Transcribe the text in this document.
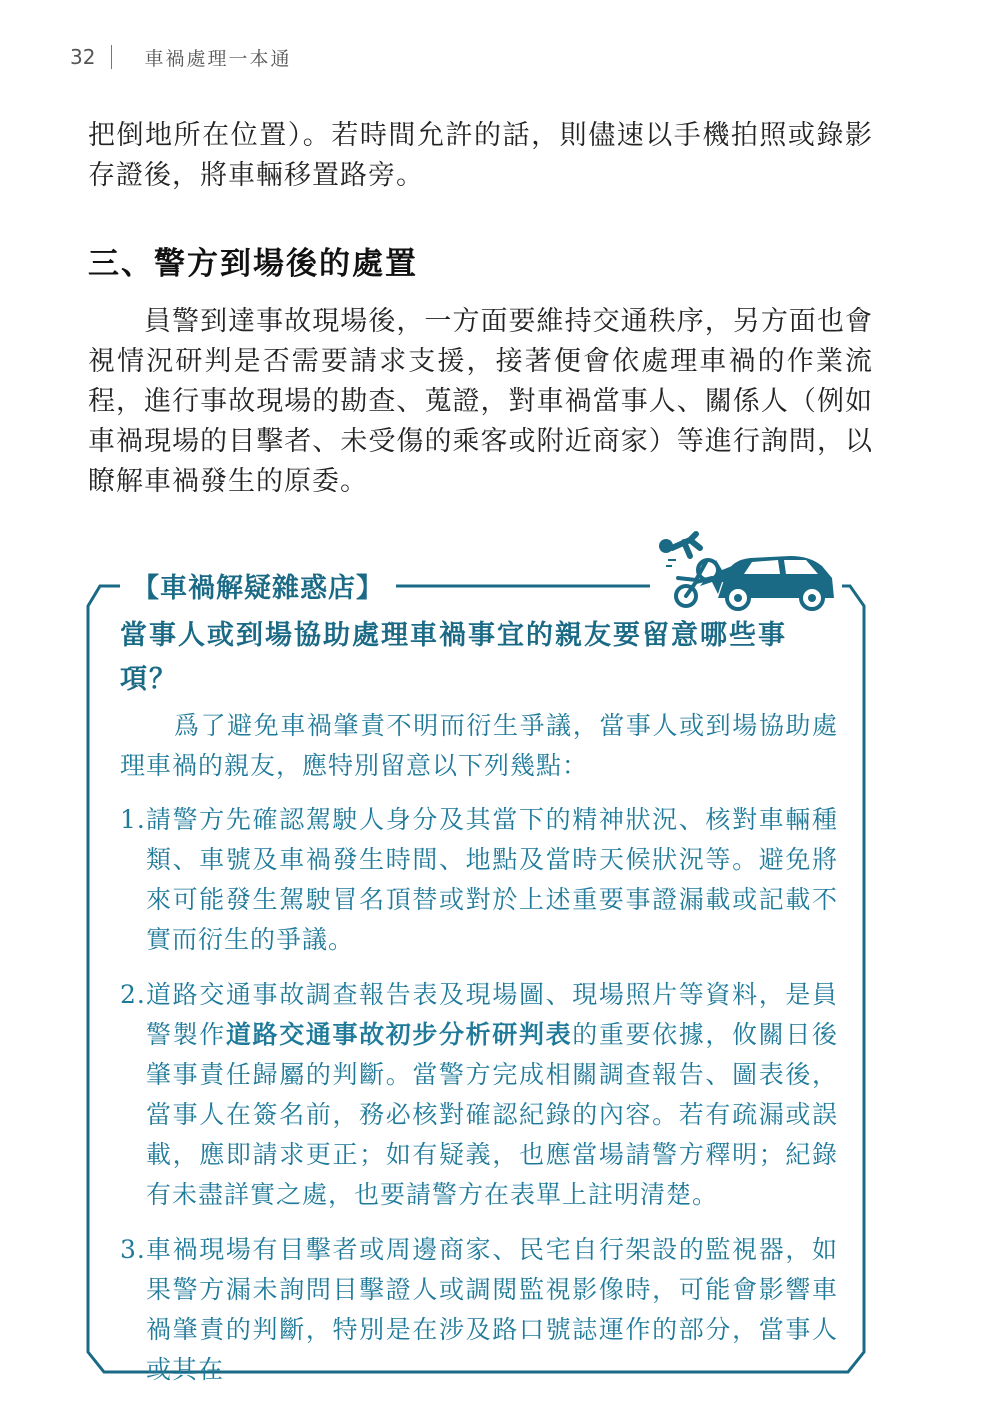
32	車禍處理一本通

把倒地所在位置）。若時間允許的話，則儘速以手機拍照或錄影存證後，將車輛移置路旁。

三、警方到場後的處置

員警到達事故現場後，一方面要維持交通秩序，另方面也會視情況研判是否需要請求支援，接著便會依處理車禍的作業流程，進行事故現場的勘查、蒐證，對車禍當事人、關係人（例如車禍現場的目擊者、未受傷的乘客或附近商家）等進行詢問，以瞭解車禍發生的原委。

【車禍解疑雜惑店】
當事人或到場協助處理車禍事宜的親友要留意哪些事項？

爲了避免車禍肇責不明而衍生爭議，當事人或到場協助處理車禍的親友，應特別留意以下列幾點：

1. 請警方先確認駕駛人身分及其當下的精神狀況、核對車輛種類、車號及車禍發生時間、地點及當時天候狀況等。避免將來可能發生駕駛冒名頂替或對於上述重要事證漏載或記載不實而衍生的爭議。
2. 道路交通事故調查報告表及現場圖、現場照片等資料，是員警製作道路交通事故初步分析研判表的重要依據，攸關日後肇事責任歸屬的判斷。當警方完成相關調查報告、圖表後，當事人在簽名前，務必核對確認紀錄的內容。若有疏漏或誤載，應即請求更正；如有疑義，也應當場請警方釋明；紀錄有未盡詳實之處，也要請警方在表單上註明清楚。
3. 車禍現場有目擊者或周邊商家、民宅自行架設的監視器，如果警方漏未詢問目擊證人或調閱監視影像時，可能會影響車禍肇責的判斷，特別是在涉及路口號誌運作的部分，當事人或其在
